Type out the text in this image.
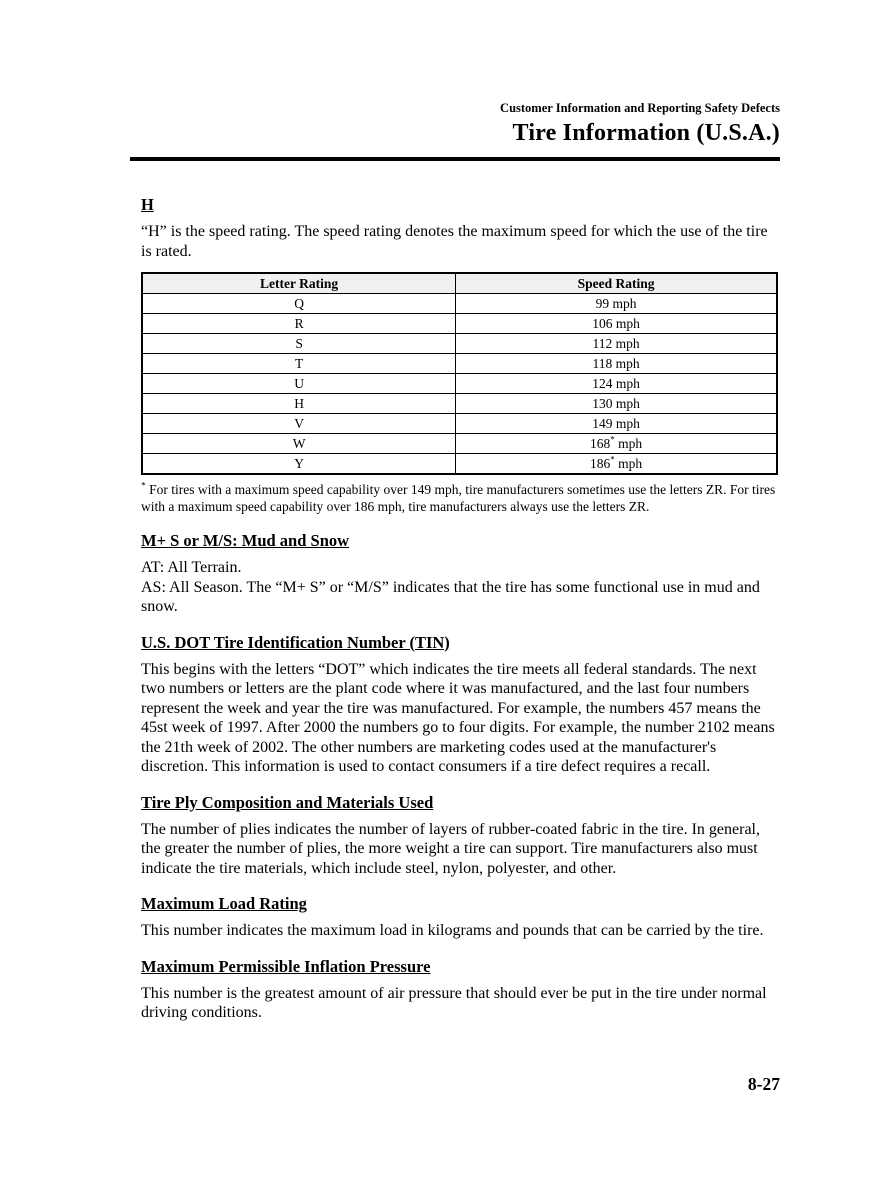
Customer Information and Reporting Safety Defects
Tire Information (U.S.A.)
H
“H” is the speed rating. The speed rating denotes the maximum speed for which the use of the tire is rated.
Letter Rating	Speed Rating
Q	99 mph
R	106 mph
S	112 mph
T	118 mph
U	124 mph
H	130 mph
V	149 mph
W	168* mph
Y	186* mph
* For tires with a maximum speed capability over 149 mph, tire manufacturers sometimes use the letters ZR. For tires with a maximum speed capability over 186 mph, tire manufacturers always use the letters ZR.
M+ S or M/S: Mud and Snow
AT: All Terrain.
AS: All Season. The “M+ S” or “M/S” indicates that the tire has some functional use in mud and snow.
U.S. DOT Tire Identification Number (TIN)
This begins with the letters “DOT” which indicates the tire meets all federal standards. The next two numbers or letters are the plant code where it was manufactured, and the last four numbers represent the week and year the tire was manufactured. For example, the numbers 457 means the 45st week of 1997. After 2000 the numbers go to four digits. For example, the number 2102 means the 21th week of 2002. The other numbers are marketing codes used at the manufacturer's discretion. This information is used to contact consumers if a tire defect requires a recall.
Tire Ply Composition and Materials Used
The number of plies indicates the number of layers of rubber-coated fabric in the tire. In general, the greater the number of plies, the more weight a tire can support. Tire manufacturers also must indicate the tire materials, which include steel, nylon, polyester, and other.
Maximum Load Rating
This number indicates the maximum load in kilograms and pounds that can be carried by the tire.
Maximum Permissible Inflation Pressure
This number is the greatest amount of air pressure that should ever be put in the tire under normal driving conditions.
8-27
